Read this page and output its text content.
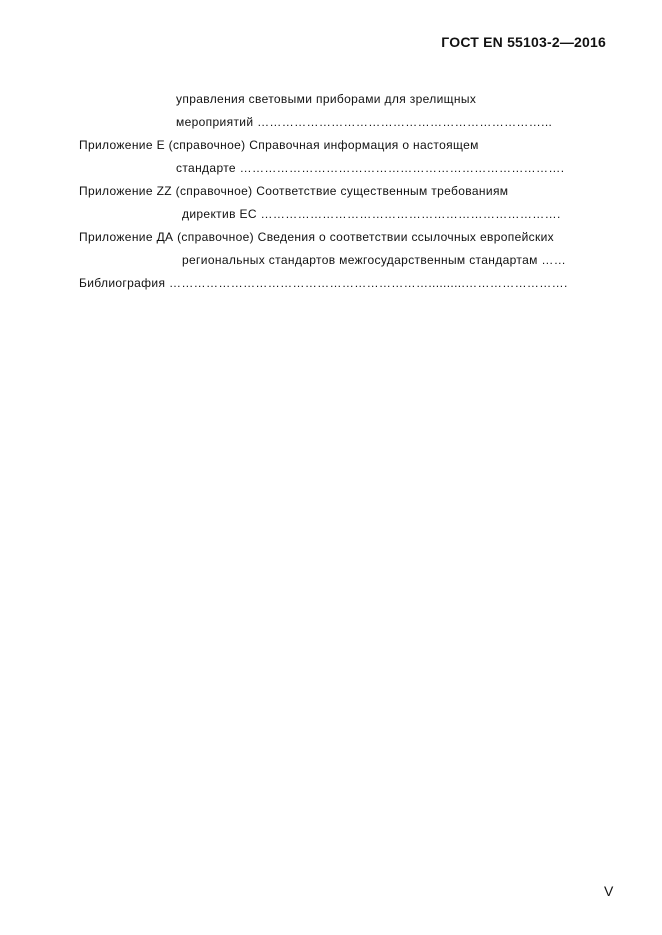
ГОСТ EN 55103-2—2016
управления световыми приборами для зрелищных
мероприятий ……………………………………………………………...
Приложение Е (справочное) Справочная информация о настоящем
стандарте …………………………………………………………………….
Приложение ZZ (справочное) Соответствие существенным требованиям
директив ЕС ……………………………………………………………….
Приложение ДА (справочное) Сведения о соответствии ссылочных европейских
региональных стандартов межгосударственным стандартам ……
Библиография ………………………………………………………..........…………………….
V
